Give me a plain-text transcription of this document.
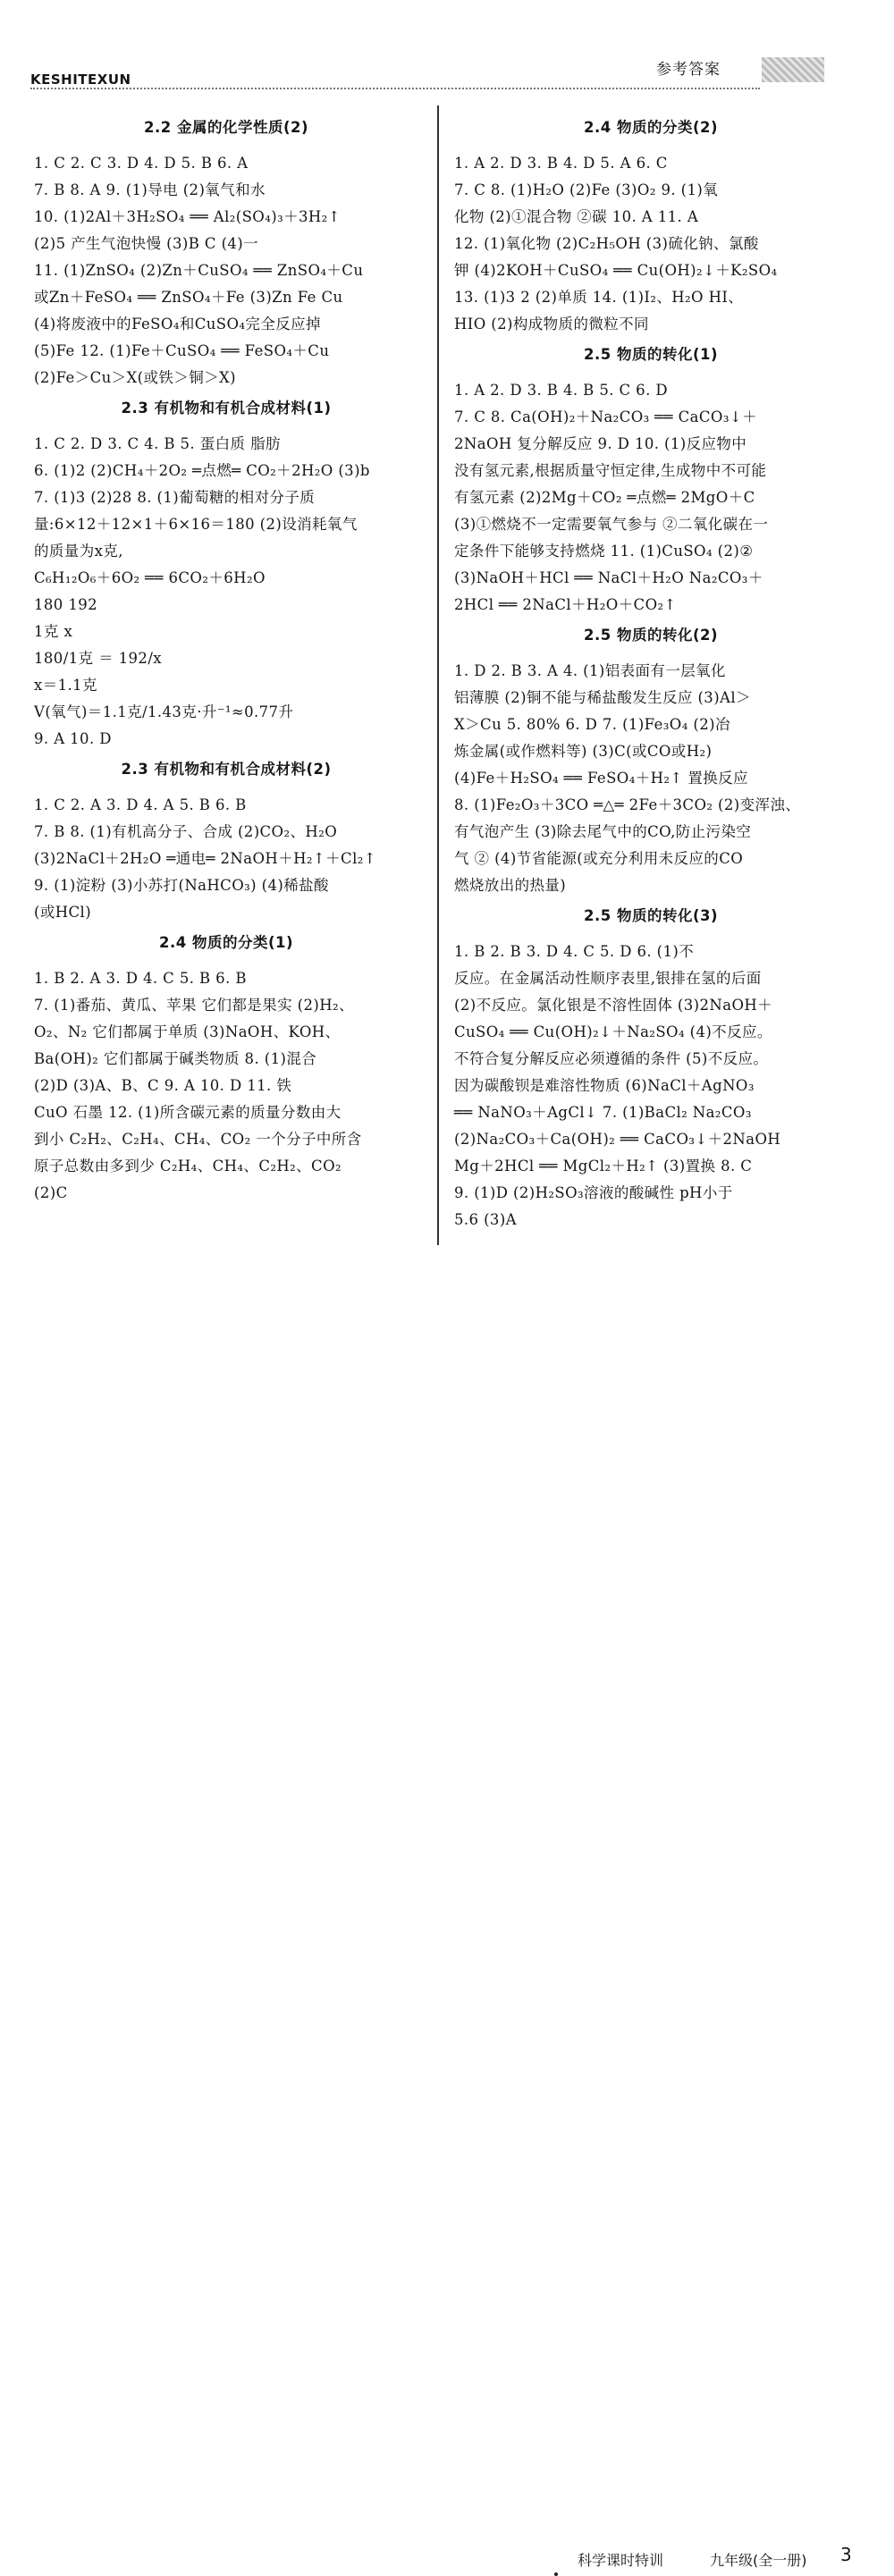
KESHITEXUN
参考答案
2.2 金属的化学性质(2)
1. C 2. C 3. D 4. D 5. B 6. A
7. B 8. A 9. (1)导电 (2)氧气和水
10. (1)2Al＋3H₂SO₄ ══ Al₂(SO₄)₃＋3H₂↑
(2)5 产生气泡快慢 (3)B C (4)一
11. (1)ZnSO₄ (2)Zn＋CuSO₄ ══ ZnSO₄＋Cu
或Zn＋FeSO₄ ══ ZnSO₄＋Fe (3)Zn Fe Cu
(4)将废液中的FeSO₄和CuSO₄完全反应掉
(5)Fe 12. (1)Fe＋CuSO₄ ══ FeSO₄＋Cu
(2)Fe＞Cu＞X(或铁＞铜＞X)
2.3 有机物和有机合成材料(1)
1. C 2. D 3. C 4. B 5. 蛋白质 脂肪
6. (1)2 (2)CH₄＋2O₂ ═点燃═ CO₂＋2H₂O (3)b
7. (1)3 (2)28 8. (1)葡萄糖的相对分子质
量:6×12＋12×1＋6×16＝180 (2)设消耗氧气
的质量为x克,
C₆H₁₂O₆＋6O₂ ══ 6CO₂＋6H₂O
180 192
1克 x
180/1克 ＝ 192/x
x＝1.1克
V(氧气)＝1.1克/1.43克·升⁻¹≈0.77升
9. A 10. D
2.3 有机物和有机合成材料(2)
1. C 2. A 3. D 4. A 5. B 6. B
7. B 8. (1)有机高分子、合成 (2)CO₂、H₂O
(3)2NaCl＋2H₂O ═通电═ 2NaOH＋H₂↑＋Cl₂↑
9. (1)淀粉 (3)小苏打(NaHCO₃) (4)稀盐酸
(或HCl)
2.4 物质的分类(1)
1. B 2. A 3. D 4. C 5. B 6. B
7. (1)番茄、黄瓜、苹果 它们都是果实 (2)H₂、
O₂、N₂ 它们都属于单质 (3)NaOH、KOH、
Ba(OH)₂ 它们都属于碱类物质 8. (1)混合
(2)D (3)A、B、C 9. A 10. D 11. 铁
CuO 石墨 12. (1)所含碳元素的质量分数由大
到小 C₂H₂、C₂H₄、CH₄、CO₂ 一个分子中所含
原子总数由多到少 C₂H₄、CH₄、C₂H₂、CO₂
(2)C
2.4 物质的分类(2)
1. A 2. D 3. B 4. D 5. A 6. C
7. C 8. (1)H₂O (2)Fe (3)O₂ 9. (1)氧
化物 (2)①混合物 ②碳 10. A 11. A
12. (1)氧化物 (2)C₂H₅OH (3)硫化钠、氯酸
钾 (4)2KOH＋CuSO₄ ══ Cu(OH)₂↓＋K₂SO₄
13. (1)3 2 (2)单质 14. (1)I₂、H₂O HI、
HIO (2)构成物质的微粒不同
2.5 物质的转化(1)
1. A 2. D 3. B 4. B 5. C 6. D
7. C 8. Ca(OH)₂＋Na₂CO₃ ══ CaCO₃↓＋
2NaOH 复分解反应 9. D 10. (1)反应物中
没有氢元素,根据质量守恒定律,生成物中不可能
有氢元素 (2)2Mg＋CO₂ ═点燃═ 2MgO＋C
(3)①燃烧不一定需要氧气参与 ②二氧化碳在一
定条件下能够支持燃烧 11. (1)CuSO₄ (2)②
(3)NaOH＋HCl ══ NaCl＋H₂O Na₂CO₃＋
2HCl ══ 2NaCl＋H₂O＋CO₂↑
2.5 物质的转化(2)
1. D 2. B 3. A 4. (1)铝表面有一层氧化
铝薄膜 (2)铜不能与稀盐酸发生反应 (3)Al＞
X＞Cu 5. 80% 6. D 7. (1)Fe₃O₄ (2)冶
炼金属(或作燃料等) (3)C(或CO或H₂)
(4)Fe＋H₂SO₄ ══ FeSO₄＋H₂↑ 置换反应
8. (1)Fe₂O₃＋3CO ═△═ 2Fe＋3CO₂ (2)变浑浊、
有气泡产生 (3)除去尾气中的CO,防止污染空
气 ② (4)节省能源(或充分利用未反应的CO
燃烧放出的热量)
2.5 物质的转化(3)
1. B 2. B 3. D 4. C 5. D 6. (1)不
反应。在金属活动性顺序表里,银排在氢的后面
(2)不反应。氯化银是不溶性固体 (3)2NaOH＋
CuSO₄ ══ Cu(OH)₂↓＋Na₂SO₄ (4)不反应。
不符合复分解反应必须遵循的条件 (5)不反应。
因为碳酸钡是难溶性物质 (6)NaCl＋AgNO₃
══ NaNO₃＋AgCl↓ 7. (1)BaCl₂ Na₂CO₃
(2)Na₂CO₃＋Ca(OH)₂ ══ CaCO₃↓＋2NaOH
Mg＋2HCl ══ MgCl₂＋H₂↑ (3)置换 8. C
9. (1)D (2)H₂SO₃溶液的酸碱性 pH小于
5.6 (3)A
科学课时特训	九年级(全一册) 3
